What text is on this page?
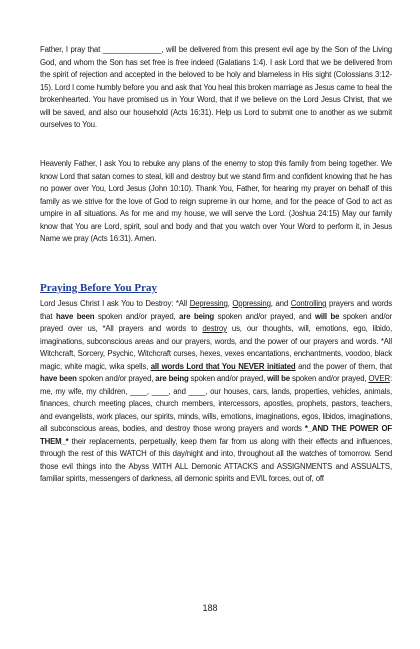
Father, I pray that ______________, will be delivered from this present evil age by the Son of the Living God, and whom the Son has set free is free indeed (Galatians 1:4). I ask Lord that we be delivered from the spirit of rejection and accepted in the beloved to be holy and blameless in His sight (Colossians 3:12-15). Lord I come humbly before you and ask that You heal this broken marriage as Jesus came to heal the brokenhearted. You have promised us in Your Word, that if we believe on the Lord Jesus Christ, that we will be saved, and also our household (Acts 16:31). Help us Lord to submit one to another as we submit ourselves to You.

Heavenly Father, I ask You to rebuke any plans of the enemy to stop this family from being together. We know Lord that satan comes to steal, kill and destroy but we stand firm and confident knowing that he has no power over You, Lord Jesus (John 10:10). Thank You, Father, for hearing my prayer on behalf of this family as we strive for the love of God to reign supreme in our home, and for the peace of God to act as umpire in all situations. As for me and my house, we will serve the Lord. (Joshua 24:15) May our family know that You are Lord, spirit, soul and body and that you watch over Your Word to perform it, in Jesus Name we pray (Acts 16:31). Amen.

Praying Before You Pray

Lord Jesus Christ I ask You to Destroy: *All Depressing, Oppressing, and Controlling prayers and words that have been spoken and/or prayed, are being spoken and/or prayed, and will be spoken and/or prayed over us, *All prayers and words to destroy us, our thoughts, will, emotions, ego, libido, imaginations, subconscious areas and our prayers, words, and the power of our prayers and words. *All Witchcraft, Sorcery, Psychic, Witchcraft curses, hexes, vexes encantations, enchantments, voodoo, black magic, white magic, wika spells, all words Lord that You NEVER initiated and the power of them, that have been spoken and/or prayed, are being spoken and/or prayed, will be spoken and/or prayed, OVER: me, my wife, my children, ____, ____, and ____, our houses, cars, lands, properties, vehicles, animals, finances, church meeting places, church members, intercessors, apostles, prophets, pastors, teachers, and evangelists, work places, our spirits, minds, wills, emotions, imaginations, egos, libidos, imaginations, all subconscious areas, bodies, and destroy those wrong prayers and words *_AND THE POWER OF THEM_* their replacements, perpetually, keep them far from us along with their effects and influences, through the rest of this WATCH of this day/night and into, throughout all the watches of tomorrow. Send those evil things into the Abyss WITH ALL Demonic ATTACKS and ASSIGNMENTS and ASSUALTS, familiar spirits, messengers of darkness, all demonic spirits and EVIL forces, out of, off

188
